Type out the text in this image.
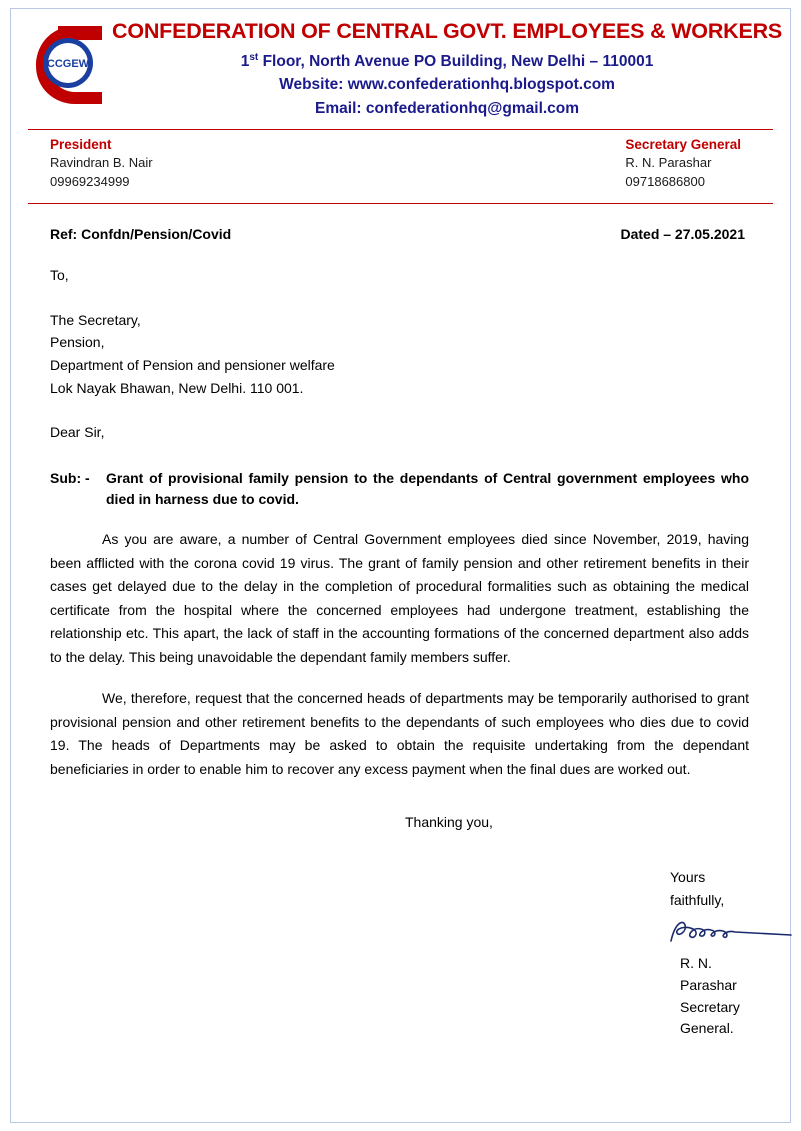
CCGEW
CONFEDERATION OF CENTRAL GOVT. EMPLOYEES & WORKERS
1st Floor, North Avenue PO Building, New Delhi – 110001
Website: www.confederationhq.blogspot.com
Email: confederationhq@gmail.com
President
Ravindran B. Nair
09969234999
Secretary General
R. N. Parashar
09718686800
Ref: Confdn/Pension/Covid	Dated – 27.05.2021
To,
The Secretary,
Pension,
Department of Pension and pensioner welfare
Lok Nayak Bhawan, New Delhi. 110 001.
Dear Sir,
Sub: -	Grant of provisional family pension to the dependants of Central government employees who died in harness due to covid.
As you are aware, a number of Central Government employees died since November, 2019, having been afflicted with the corona covid 19 virus. The grant of family pension and other retirement benefits in their cases get delayed due to the delay in the completion of procedural formalities such as obtaining the medical certificate from the hospital where the concerned employees had undergone treatment, establishing the relationship etc. This apart, the lack of staff in the accounting formations of the concerned department also adds to the delay. This being unavoidable the dependant family members suffer.
We, therefore, request that the concerned heads of departments may be temporarily authorised to grant provisional pension and other retirement benefits to the dependants of such employees who dies due to covid 19. The heads of Departments may be asked to obtain the requisite undertaking from the dependant beneficiaries in order to enable him to recover any excess payment when the final dues are worked out.
Thanking you,
Yours faithfully,
R. N. Parashar
Secretary General.
